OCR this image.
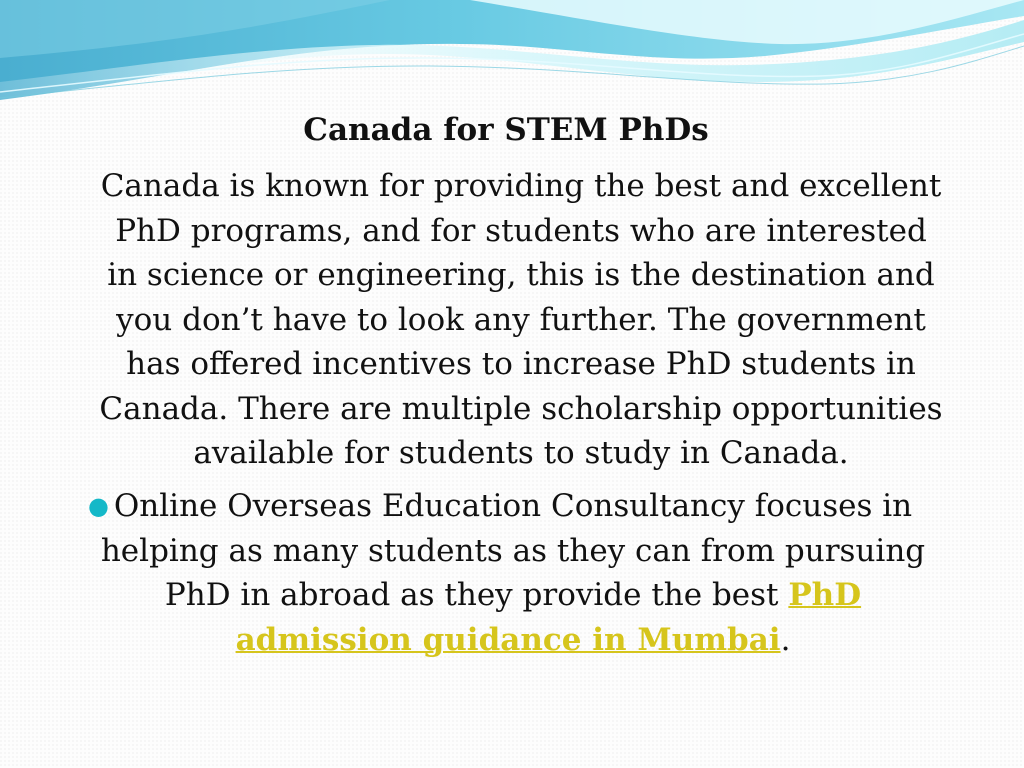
Canada for STEM PhDs
Canada is known for providing the best and excellent
PhD programs, and for students who are interested
in science or engineering, this is the destination and
you don’t have to look any further. The government
has offered incentives to increase PhD students in
Canada. There are multiple scholarship opportunities
available for students to study in Canada.
● Online Overseas Education Consultancy focuses in
helping as many students as they can from pursuing
PhD in abroad as they provide the best PhD
admission guidance in Mumbai.
